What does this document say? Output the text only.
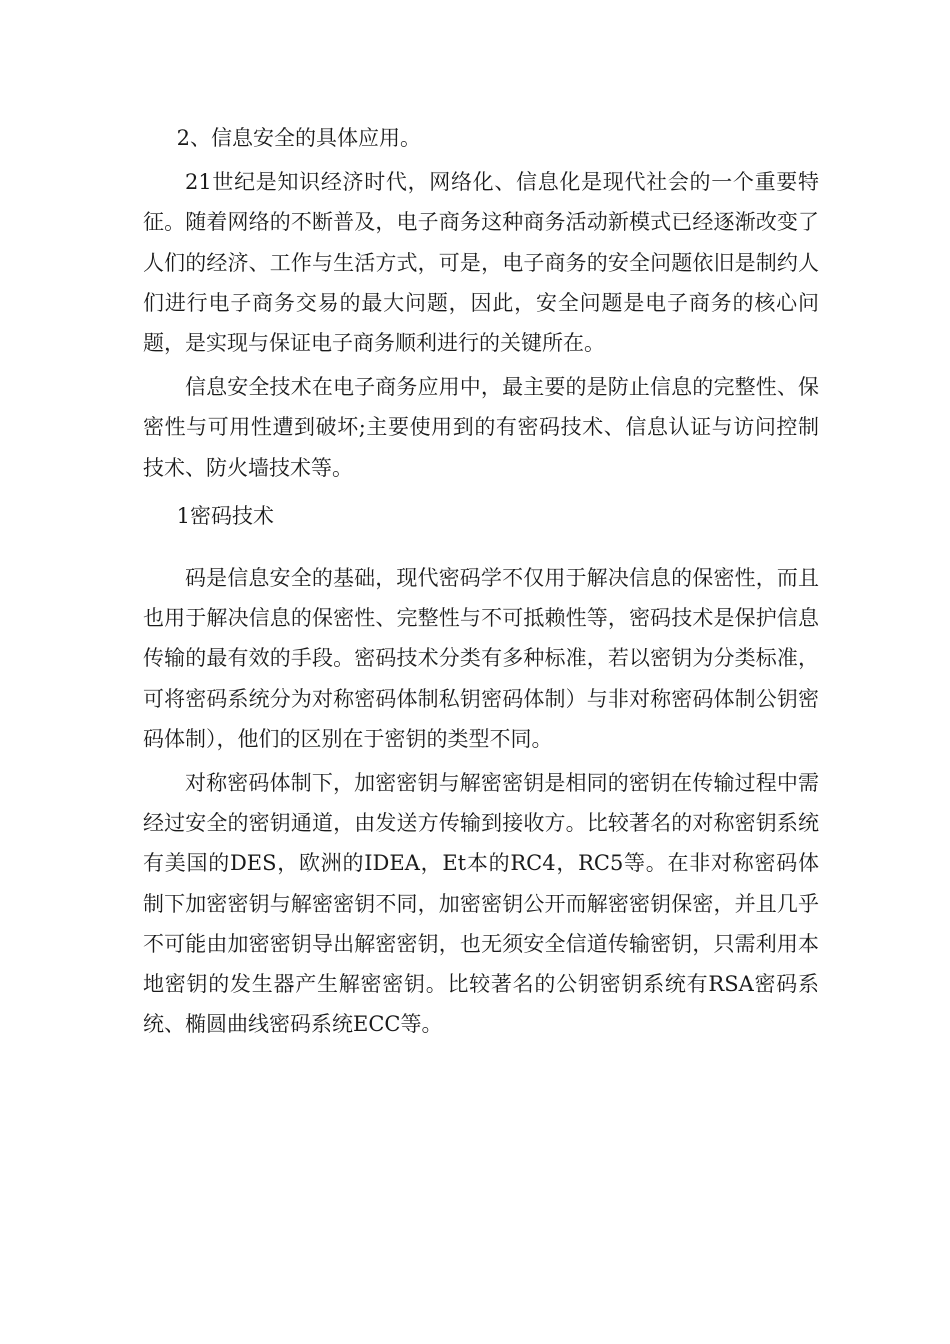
2、信息安全的具体应用。

21世纪是知识经济时代，网络化、信息化是现代社会的一个重要特征。随着网络的不断普及，电子商务这种商务活动新模式已经逐渐改变了人们的经济、工作与生活方式，可是，电子商务的安全问题依旧是制约人们进行电子商务交易的最大问题，因此，安全问题是电子商务的核心问题，是实现与保证电子商务顺利进行的关键所在。

信息安全技术在电子商务应用中，最主要的是防止信息的完整性、保密性与可用性遭到破坏;主要使用到的有密码技术、信息认证与访问控制技术、防火墙技术等。

1密码技术

码是信息安全的基础，现代密码学不仅用于解决信息的保密性，而且也用于解决信息的保密性、完整性与不可抵赖性等，密码技术是保护信息传输的最有效的手段。密码技术分类有多种标准，若以密钥为分类标准，可将密码系统分为对称密码体制私钥密码体制）与非对称密码体制公钥密码体制），他们的区别在于密钥的类型不同。

对称密码体制下，加密密钥与解密密钥是相同的密钥在传输过程中需经过安全的密钥通道，由发送方传输到接收方。比较著名的对称密钥系统有美国的DES，欧洲的IDEA，Et本的RC4，RC5等。在非对称密码体制下加密密钥与解密密钥不同，加密密钥公开而解密密钥保密，并且几乎不可能由加密密钥导出解密密钥，也无须安全信道传输密钥，只需利用本地密钥的发生器产生解密密钥。比较著名的公钥密钥系统有RSA密码系统、椭圆曲线密码系统ECC等。
